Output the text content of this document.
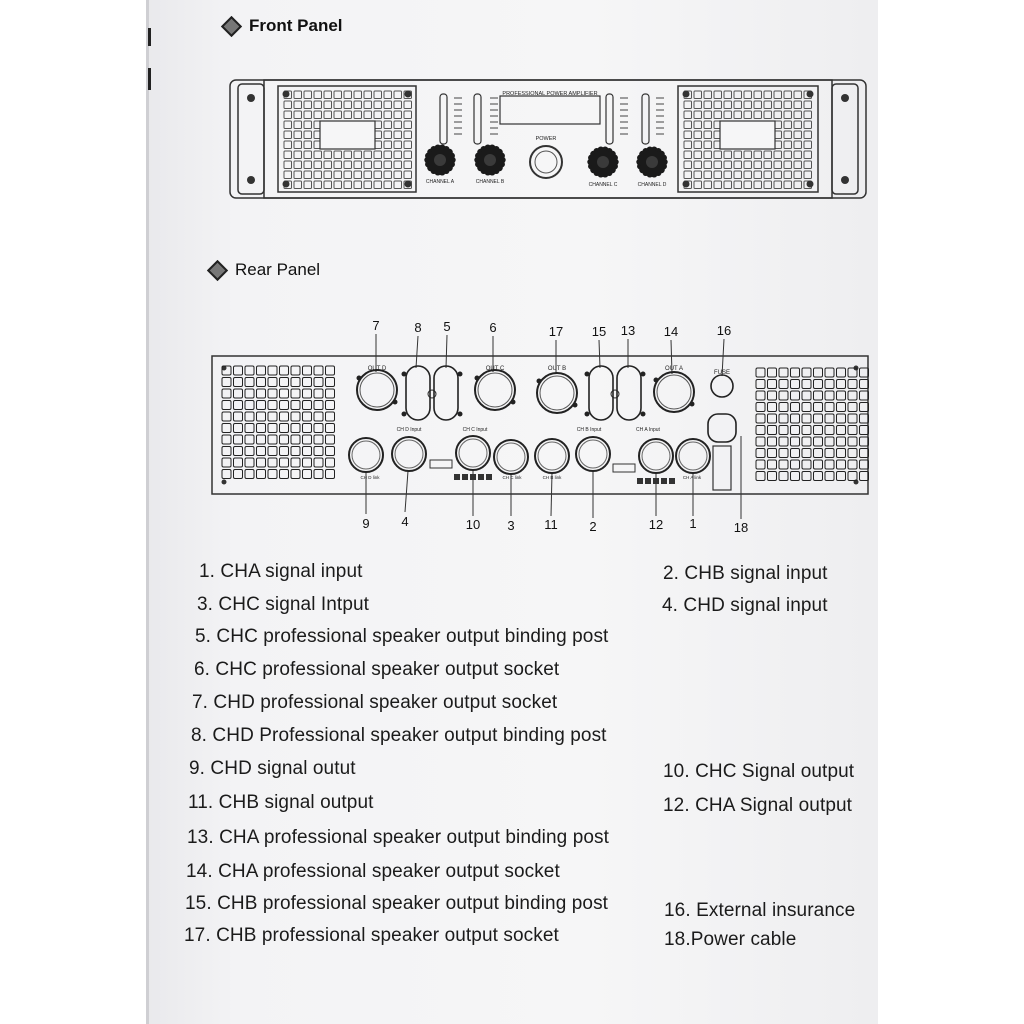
Front Panel
PROFESSIONAL POWER AMPLIFIER
POWER
CHANNEL A	CHANNEL B	CHANNEL C	CHANNEL D
Rear Panel
OUT D	OUT C	OUT B	OUT A
FUSE
CH D Input	CH C Input	CH B Input	CH A Input
CH D link	CH C link	CH B link	CH A link
7	8 5	6	17 15 13 14	16
9 4	10 3 11 2	12 1	18
1. CHA signal input
3. CHC signal Intput
5. CHC professional speaker output binding post
6. CHC professional speaker output socket
7. CHD professional speaker output socket
8. CHD Professional speaker output binding post
9. CHD signal outut
11. CHB signal output
13. CHA professional speaker output binding post
14. CHA professional speaker output socket
15. CHB professional speaker output binding post
17. CHB professional speaker output socket
2. CHB signal input
4. CHD signal input
10. CHC Signal output
12. CHA Signal output
16. External insurance
18.Power cable
